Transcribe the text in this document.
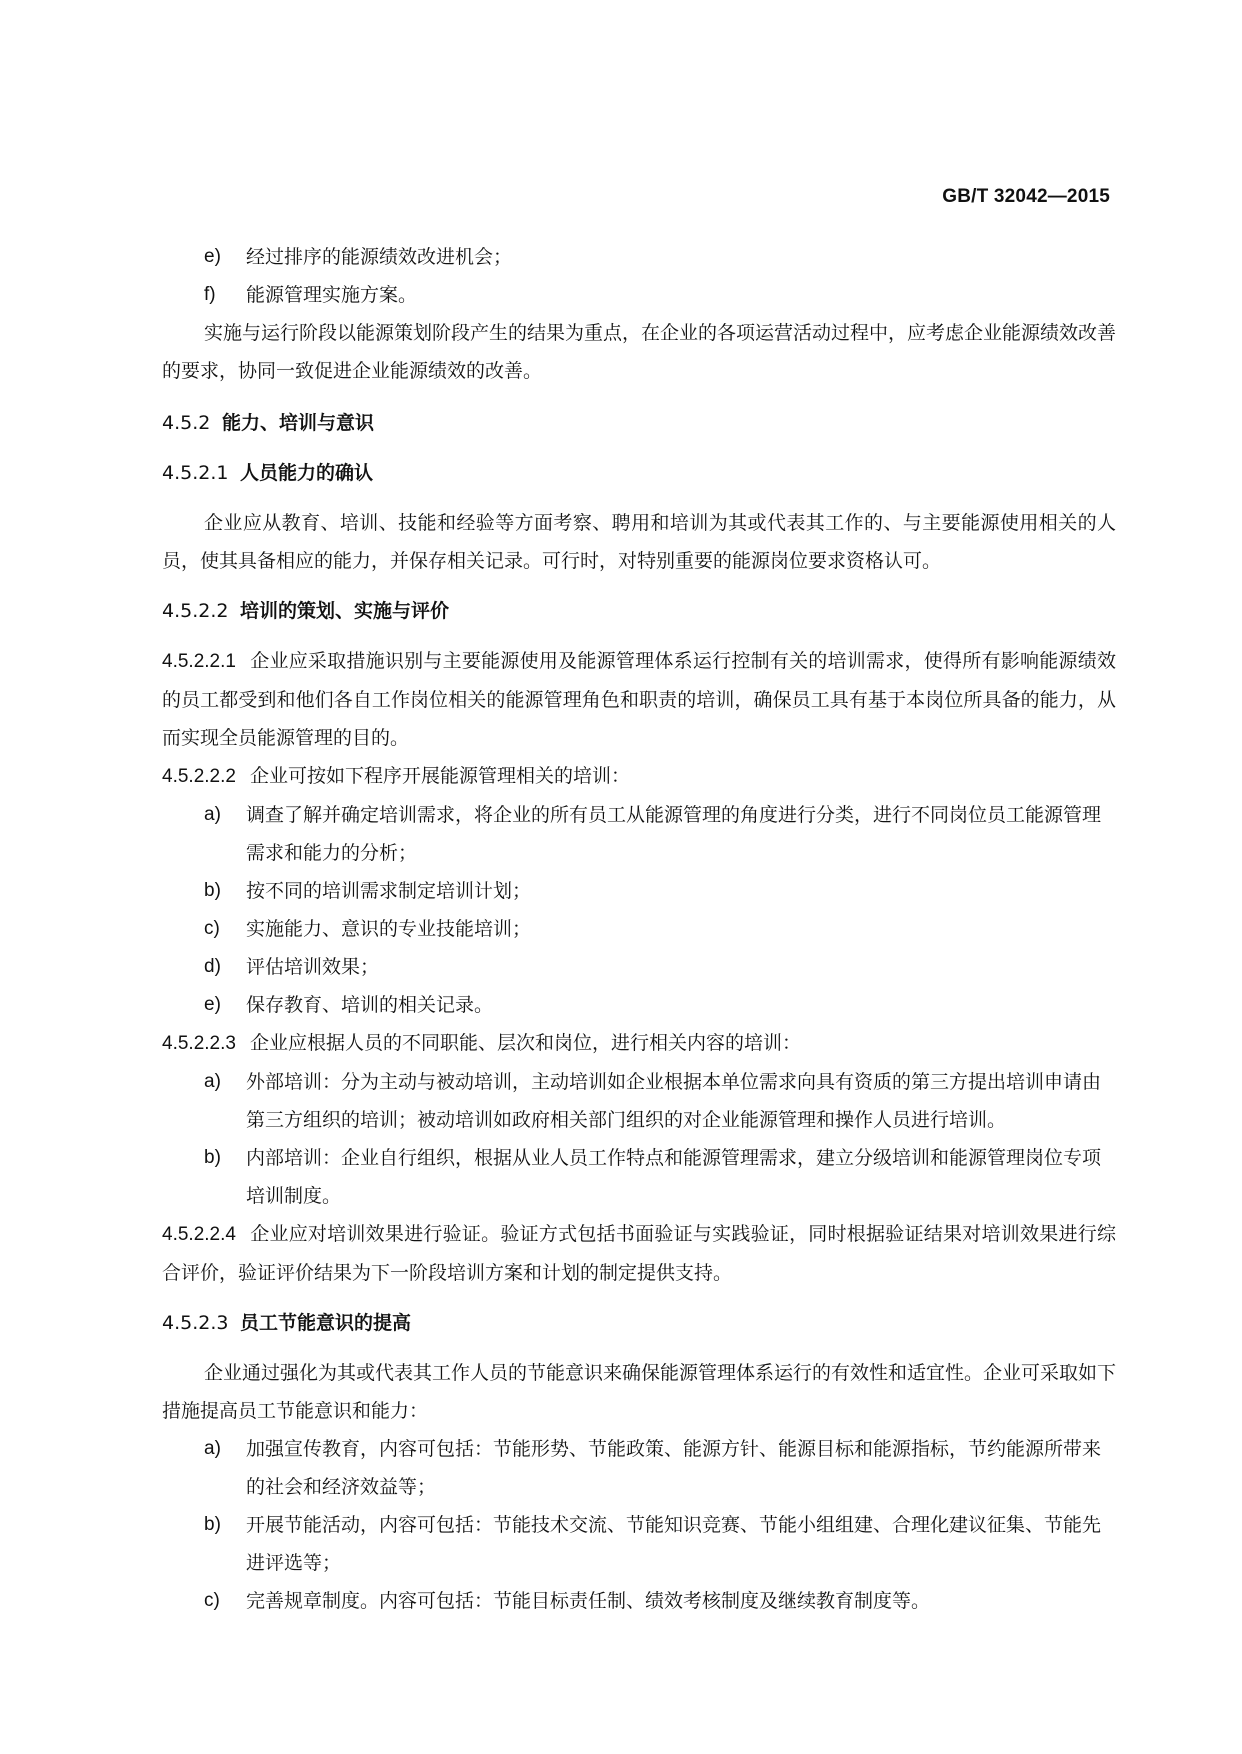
GB/T 32042—2015
e)	经过排序的能源绩效改进机会；
f)	能源管理实施方案。
实施与运行阶段以能源策划阶段产生的结果为重点，在企业的各项运营活动过程中，应考虑企业能源绩效改善的要求，协同一致促进企业能源绩效的改善。
4.5.2 能力、培训与意识
4.5.2.1 人员能力的确认
企业应从教育、培训、技能和经验等方面考察、聘用和培训为其或代表其工作的、与主要能源使用相关的人员，使其具备相应的能力，并保存相关记录。可行时，对特别重要的能源岗位要求资格认可。
4.5.2.2 培训的策划、实施与评价
4.5.2.2.1 企业应采取措施识别与主要能源使用及能源管理体系运行控制有关的培训需求，使得所有影响能源绩效的员工都受到和他们各自工作岗位相关的能源管理角色和职责的培训，确保员工具有基于本岗位所具备的能力，从而实现全员能源管理的目的。
4.5.2.2.2 企业可按如下程序开展能源管理相关的培训：
a)	调查了解并确定培训需求，将企业的所有员工从能源管理的角度进行分类，进行不同岗位员工能源管理需求和能力的分析；
b)	按不同的培训需求制定培训计划；
c)	实施能力、意识的专业技能培训；
d)	评估培训效果；
e)	保存教育、培训的相关记录。
4.5.2.2.3 企业应根据人员的不同职能、层次和岗位，进行相关内容的培训：
a)	外部培训：分为主动与被动培训，主动培训如企业根据本单位需求向具有资质的第三方提出培训申请由第三方组织的培训；被动培训如政府相关部门组织的对企业能源管理和操作人员进行培训。
b)	内部培训：企业自行组织，根据从业人员工作特点和能源管理需求，建立分级培训和能源管理岗位专项培训制度。
4.5.2.2.4 企业应对培训效果进行验证。验证方式包括书面验证与实践验证，同时根据验证结果对培训效果进行综合评价，验证评价结果为下一阶段培训方案和计划的制定提供支持。
4.5.2.3 员工节能意识的提高
企业通过强化为其或代表其工作人员的节能意识来确保能源管理体系运行的有效性和适宜性。企业可采取如下措施提高员工节能意识和能力：
a)	加强宣传教育，内容可包括：节能形势、节能政策、能源方针、能源目标和能源指标，节约能源所带来的社会和经济效益等；
b)	开展节能活动，内容可包括：节能技术交流、节能知识竞赛、节能小组组建、合理化建议征集、节能先进评选等；
c)	完善规章制度。内容可包括：节能目标责任制、绩效考核制度及继续教育制度等。
